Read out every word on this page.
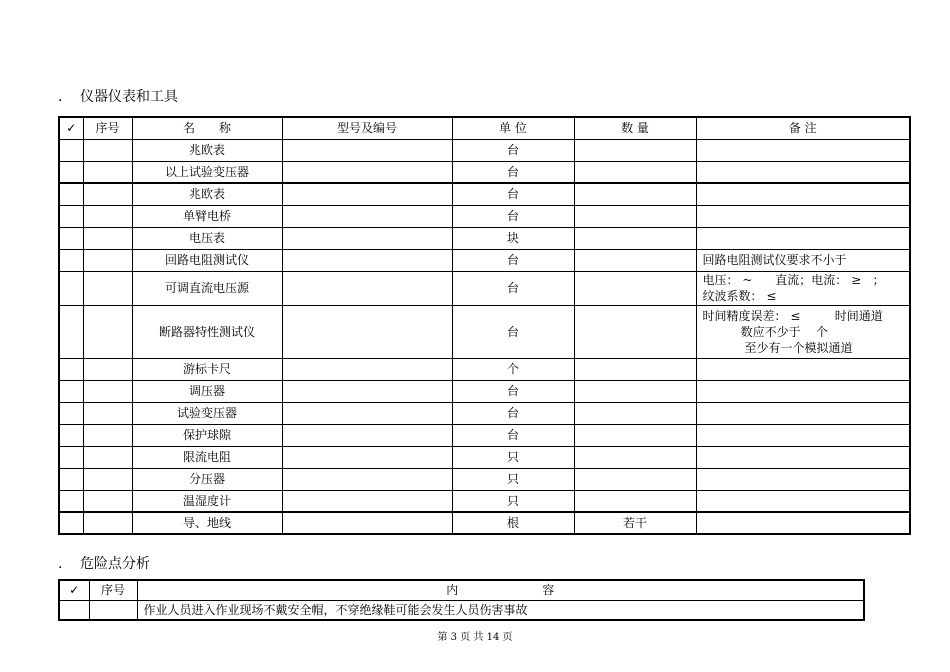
. 仪器仪表和工具
✓	序号	名　　称	型号及编号	单 位	数 量	备 注
		兆欧表		台		
		以上试验变压器		台		
		兆欧表		台		
		单臂电桥		台		
		电压表		块		
		回路电阻测试仪		台		回路电阻测试仪要求不小于
		可调直流电压源		台		电压： ~      直流；电流： ≥   ；
纹波系数： ≤
		断路器特性测试仪		台		时间精度误差： ≤         时间通道
数应不少于    个
至少有一个模拟通道
		游标卡尺		个		
		调压器		台		
		试验变压器		台		
		保护球隙		台		
		限流电阻		只		
		分压器		只		
		温湿度计		只		
		导、地线		根	若干	
. 危险点分析
✓	序号	内　　　　　　　容
		作业人员进入作业现场不戴安全帽，不穿绝缘鞋可能会发生人员伤害事故
第 3 页 共 14 页
